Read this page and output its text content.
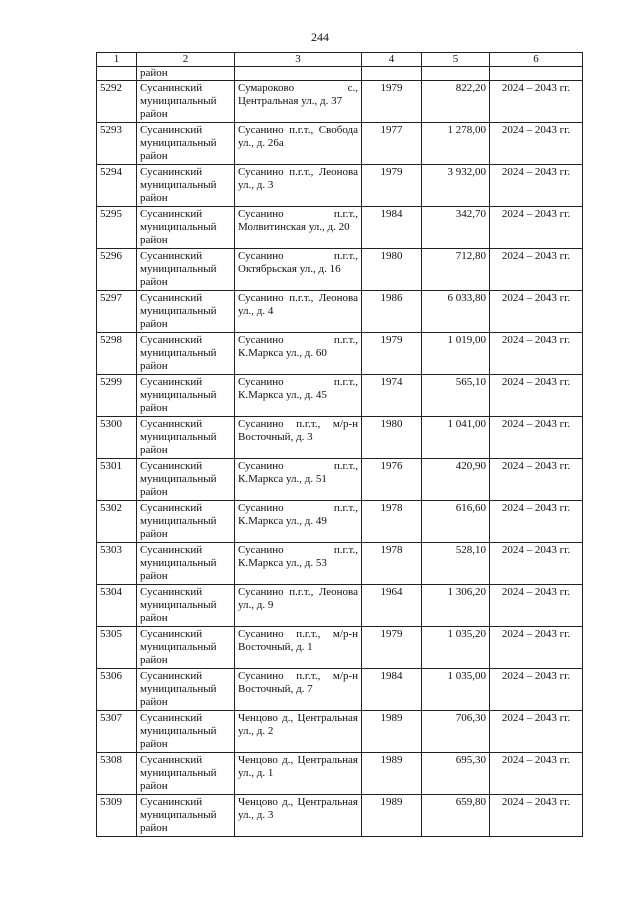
244
1	2	3	4	5	6
	район				
5292	Сусанинский муниципальный район	Сумароково с., Центральная ул., д. 37	1979	822,20	2024 – 2043 гг.
5293	Сусанинский муниципальный район	Сусанино п.г.т., Свобода ул., д. 26а	1977	1 278,00	2024 – 2043 гг.
5294	Сусанинский муниципальный район	Сусанино п.г.т., Леонова ул., д. 3	1979	3 932,00	2024 – 2043 гг.
5295	Сусанинский муниципальный район	Сусанино п.г.т., Молвитинская ул., д. 20	1984	342,70	2024 – 2043 гг.
5296	Сусанинский муниципальный район	Сусанино п.г.т., Октябрьская ул., д. 16	1980	712,80	2024 – 2043 гг.
5297	Сусанинский муниципальный район	Сусанино п.г.т., Леонова ул., д. 4	1986	6 033,80	2024 – 2043 гг.
5298	Сусанинский муниципальный район	Сусанино п.г.т., К.Маркса ул., д. 60	1979	1 019,00	2024 – 2043 гг.
5299	Сусанинский муниципальный район	Сусанино п.г.т., К.Маркса ул., д. 45	1974	565,10	2024 – 2043 гг.
5300	Сусанинский муниципальный район	Сусанино п.г.т., м/р-н Восточный, д. 3	1980	1 041,00	2024 – 2043 гг.
5301	Сусанинский муниципальный район	Сусанино п.г.т., К.Маркса ул., д. 51	1976	420,90	2024 – 2043 гг.
5302	Сусанинский муниципальный район	Сусанино п.г.т., К.Маркса ул., д. 49	1978	616,60	2024 – 2043 гг.
5303	Сусанинский муниципальный район	Сусанино п.г.т., К.Маркса ул., д. 53	1978	528,10	2024 – 2043 гг.
5304	Сусанинский муниципальный район	Сусанино п.г.т., Леонова ул., д. 9	1964	1 306,20	2024 – 2043 гг.
5305	Сусанинский муниципальный район	Сусанино п.г.т., м/р-н Восточный, д. 1	1979	1 035,20	2024 – 2043 гг.
5306	Сусанинский муниципальный район	Сусанино п.г.т., м/р-н Восточный, д. 7	1984	1 035,00	2024 – 2043 гг.
5307	Сусанинский муниципальный район	Ченцово д., Центральная ул., д. 2	1989	706,30	2024 – 2043 гг.
5308	Сусанинский муниципальный район	Ченцово д., Центральная ул., д. 1	1989	695,30	2024 – 2043 гг.
5309	Сусанинский муниципальный район	Ченцово д., Центральная ул., д. 3	1989	659,80	2024 – 2043 гг.
